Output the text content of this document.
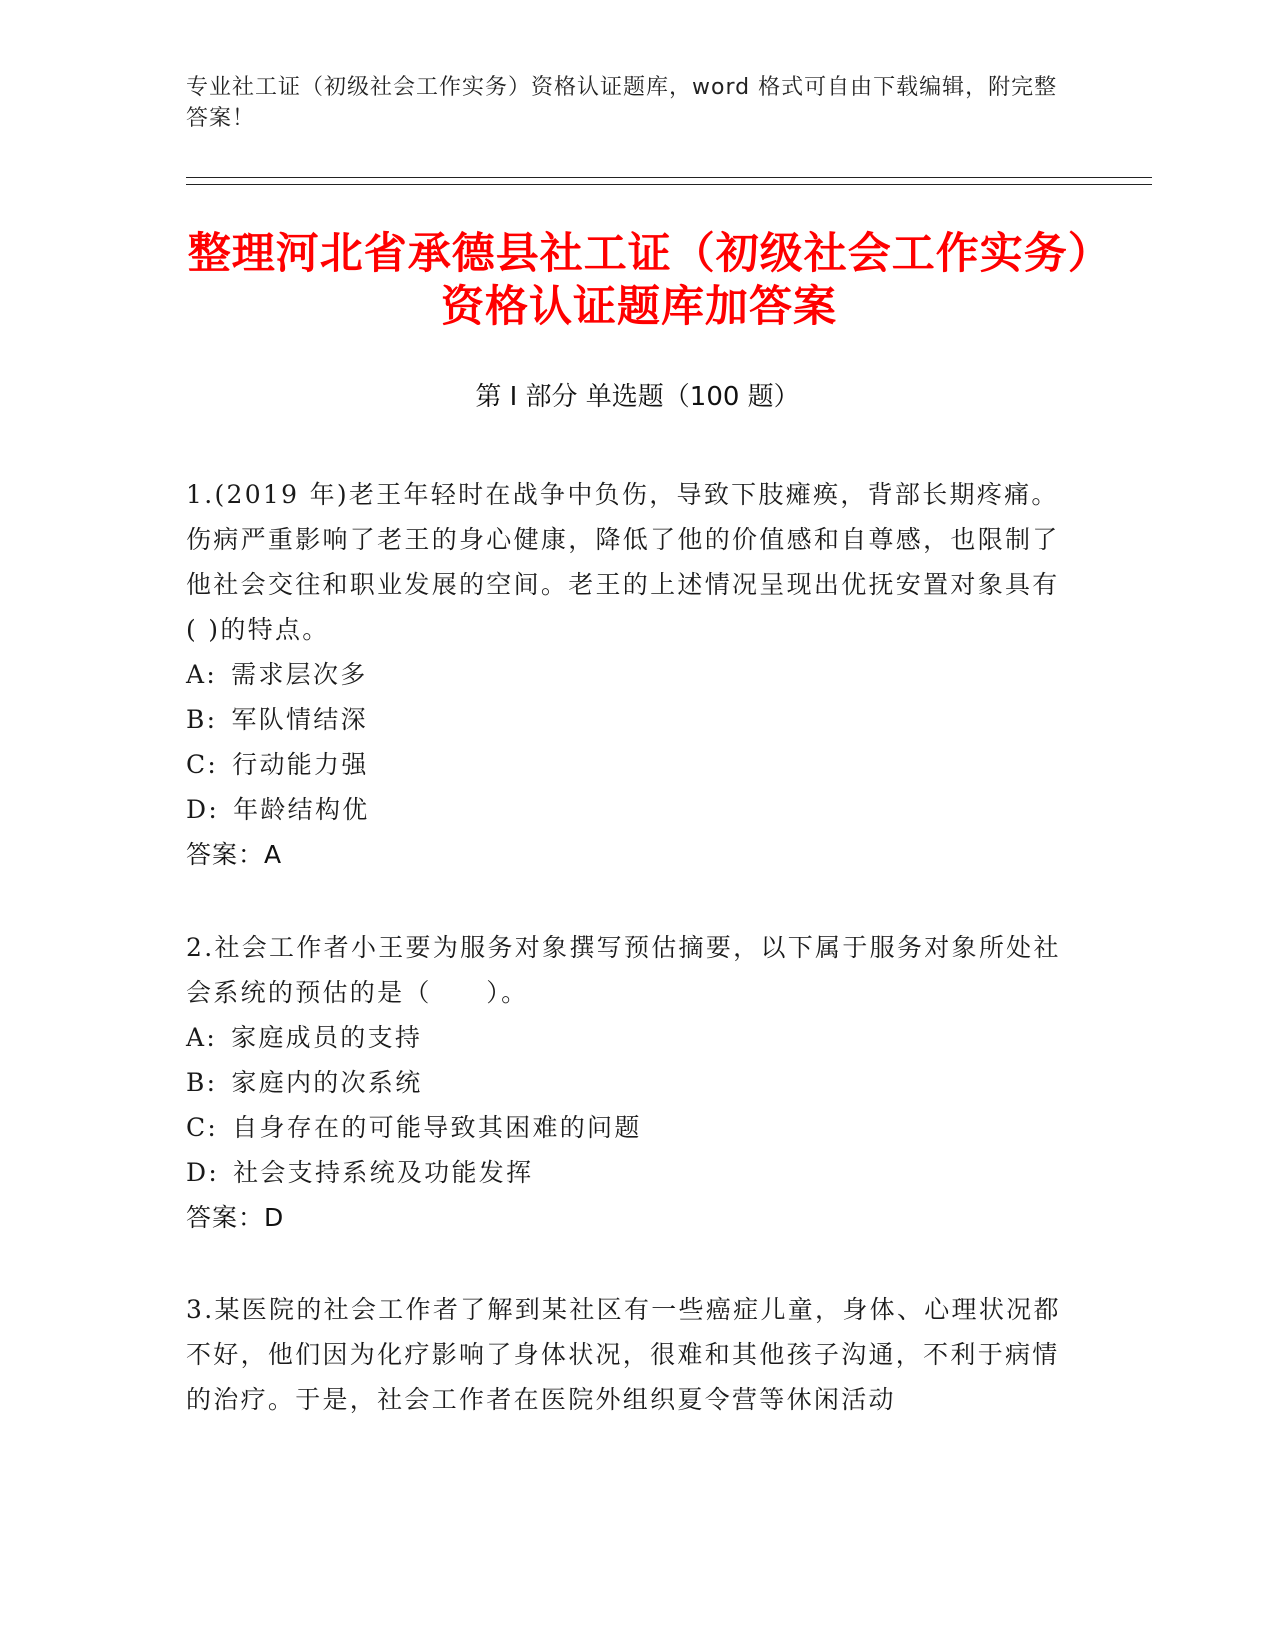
专业社工证（初级社会工作实务）资格认证题库，word 格式可自由下载编辑，附完整答案！
整理河北省承德县社工证（初级社会工作实务）资格认证题库加答案
第 I 部分 单选题（100 题）
1.(2019 年)老王年轻时在战争中负伤，导致下肢瘫痪，背部长期疼痛。伤病严重影响了老王的身心健康，降低了他的价值感和自尊感，也限制了他社会交往和职业发展的空间。老王的上述情况呈现出优抚安置对象具有( )的特点。
A: 需求层次多
B: 军队情结深
C: 行动能力强
D: 年龄结构优
答案：A
2.社会工作者小王要为服务对象撰写预估摘要，以下属于服务对象所处社会系统的预估的是（　　）。
A: 家庭成员的支持
B: 家庭内的次系统
C: 自身存在的可能导致其困难的问题
D: 社会支持系统及功能发挥
答案：D
3.某医院的社会工作者了解到某社区有一些癌症儿童，身体、心理状况都不好，他们因为化疗影响了身体状况，很难和其他孩子沟通，不利于病情的治疗。于是，社会工作者在医院外组织夏令营等休闲活动
